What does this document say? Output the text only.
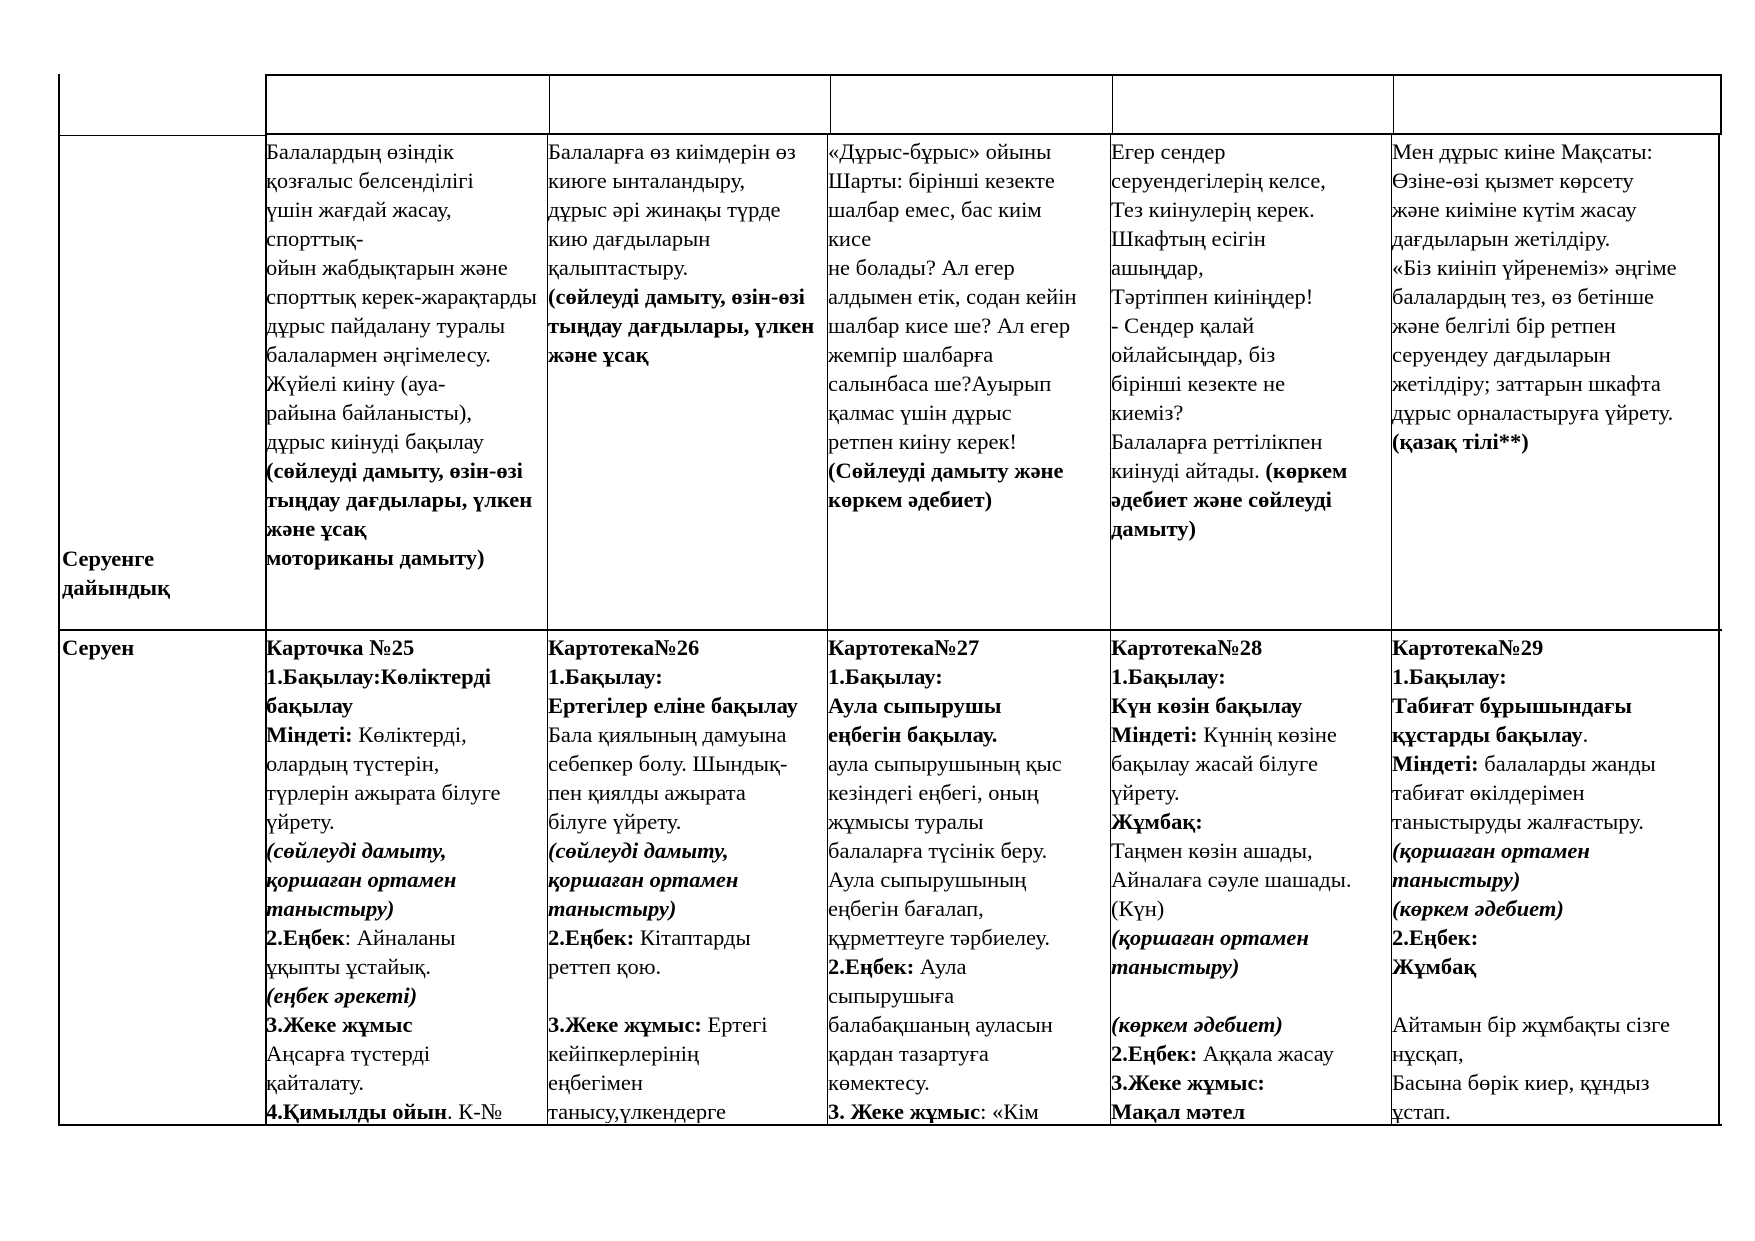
Серуенге
дайындық
Серуен

Балалардың өзіндік

қозғалыс белсенділігі

үшін жағдай жасау,

спорттық-

ойын жабдықтарын және

спорттық керек-жарақтарды

дұрыс пайдалану туралы

балалармен әңгімелесу.

Жүйелі киіну (ауа-

райына байланысты),

дұрыс киінуді бақылау

(сөйлеуді дамыту, өзін-өзі

тыңдау дағдылары, үлкен

және ұсақ

моториканы дамыту)

Балаларға өз киімдерін өз

киюге ынталандыру,

дұрыс әрі жинақы түрде

кию дағдыларын

қалыптастыру.

(сөйлеуді дамыту, өзін-өзі

тыңдау дағдылары, үлкен

және ұсақ

«Дұрыс-бұрыс» ойыны

Шарты: бірінші кезекте

шалбар емес, бас киім

кисе

не болады? Ал егер

алдымен етік, содан кейін

шалбар кисе ше? Ал егер

жемпір шалбарға

салынбаса ше?Ауырып

қалмас үшін дұрыс

ретпен киіну керек!

(Сөйлеуді дамыту және

көркем әдебиет)

Егер сендер

серуендегілерің келсе,

Тез киінулерің керек.

Шкафтың есігін

ашыңдар,

Тәртіппен киініңдер!

- Сендер қалай

ойлайсыңдар, біз

бірінші кезекте не

киеміз?

Балаларға реттілікпен

киінуді айтады. (көркем

әдебиет және сөйлеуді

дамыту)

Мен дұрыс киіне Мақсаты:

Өзіне-өзі қызмет көрсету

және киіміне күтім жасау

дағдыларын жетілдіру.

«Біз киініп үйренеміз» әңгіме

балалардың тез, өз бетінше

және белгілі бір ретпен

серуендеу дағдыларын

жетілдіру; заттарын шкафта

дұрыс орналастыруға үйрету.

(қазақ тілі**)

Карточка №25

1.Бақылау:Көліктерді

бақылау

Міндеті: Көліктерді,

олардың түстерін,

түрлерін ажырата білуге

үйрету.

(сөйлеуді дамыту,

қоршаған ортамен

таныстыру)

2.Еңбек: Айналаны

ұқыпты ұстайық.

(еңбек әрекеті)

3.Жеке жұмыс

Аңсарға түстерді

қайталату.

4.Қимылды ойын. К-№

Картотека№26

1.Бақылау:

Ертегілер еліне бақылау

Бала қиялының дамуына

себепкер болу. Шындық-

пен қиялды ажырата

білуге үйрету.

(сөйлеуді дамыту,

қоршаған ортамен

таныстыру)

2.Еңбек: Кітаптарды

реттеп қою.

3.Жеке жұмыс: Ертегі

кейіпкерлерінің

еңбегімен

танысу,үлкендерге

Картотека№27

1.Бақылау:

Аула сыпырушы

еңбегін бақылау.

аула сыпырушының қыс

кезіндегі еңбегі, оның

жұмысы туралы

балаларға түсінік беру.

Аула сыпырушының

еңбегін бағалап,

құрметтеуге тәрбиелеу.

2.Еңбек: Аула

сыпырушыға

балабақшаның ауласын

қардан тазартуға

көмектесу.

3. Жеке жұмыс: «Кім

Картотека№28

1.Бақылау:

Күн көзін бақылау

Міндеті: Күннің көзіне

бақылау жасай білуге

үйрету.

Жұмбақ:

Таңмен көзін ашады,

Айналаға сәуле шашады.

(Күн)

(қоршаған ортамен

таныстыру)

(көркем әдебиет)

2.Еңбек: Аққала жасау

3.Жеке жұмыс:

Мақал мәтел

Картотека№29

1.Бақылау:

Табиғат бұрышындағы

құстарды бақылау.

Міндеті: балаларды жанды

табиғат өкілдерімен

таныстыруды жалғастыру.

(қоршаған ортамен

таныстыру)

(көркем әдебиет)

2.Еңбек:

Жұмбақ

Айтамын бір жұмбақты сізге

нұсқап,

Басына бөрік киер, құндыз

ұстап.
